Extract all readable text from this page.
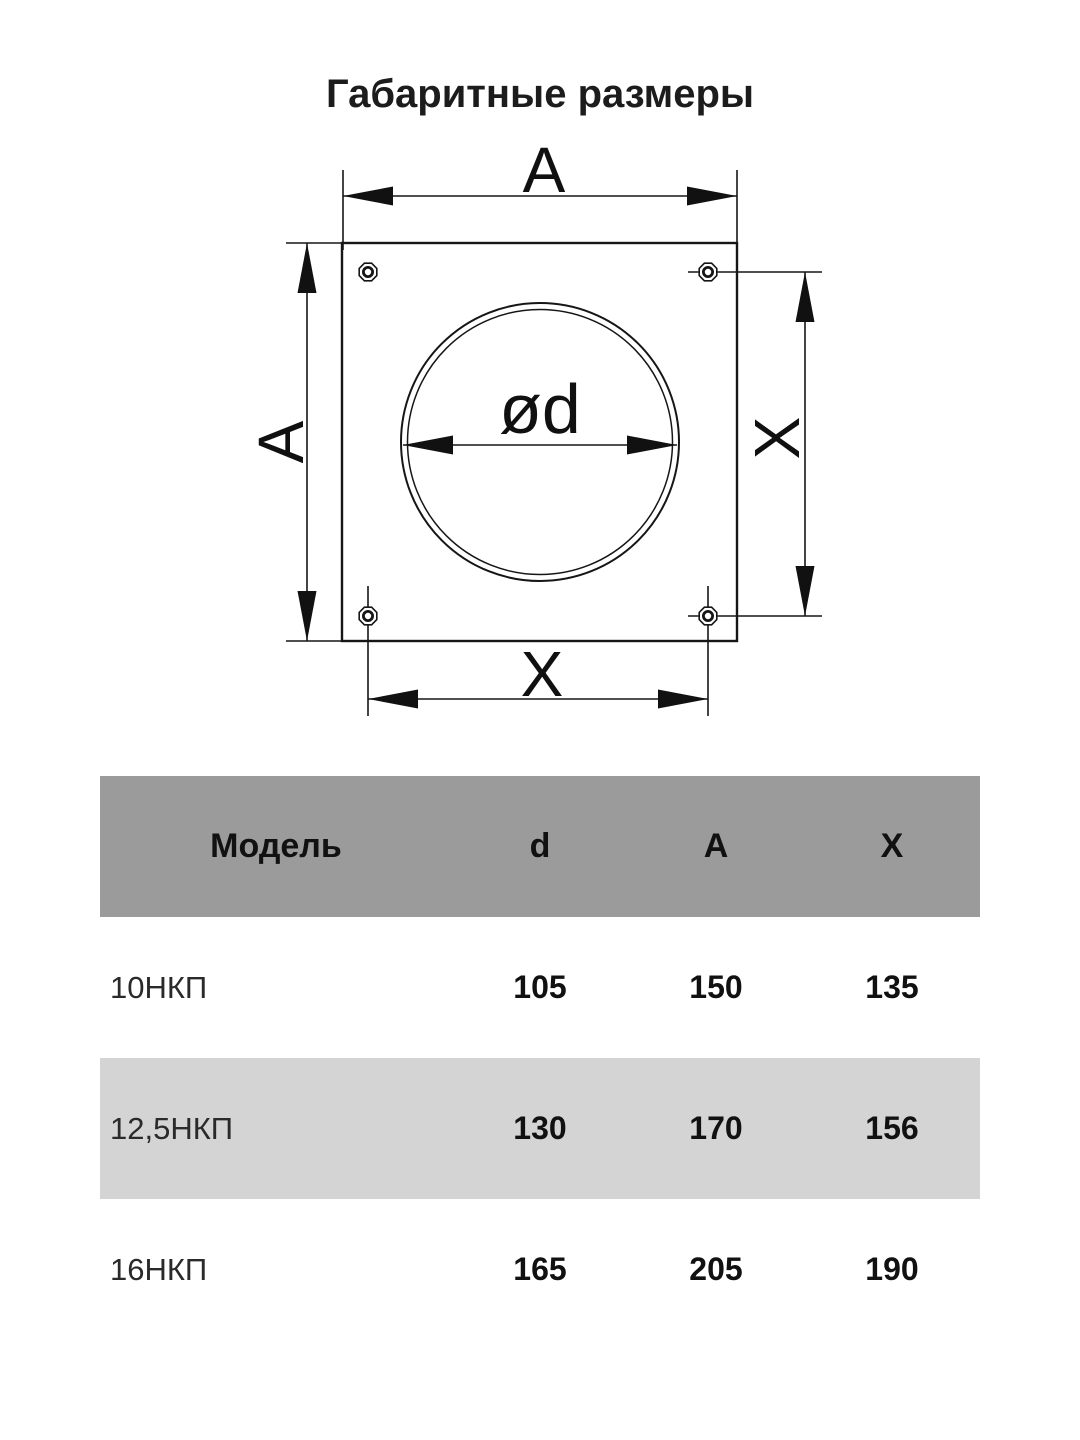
Габаритные размеры
A
A	X
X
ød
Модель	d	A	X
10НКП	105	150	135
12,5НКП	130	170	156
16НКП	165	205	190
